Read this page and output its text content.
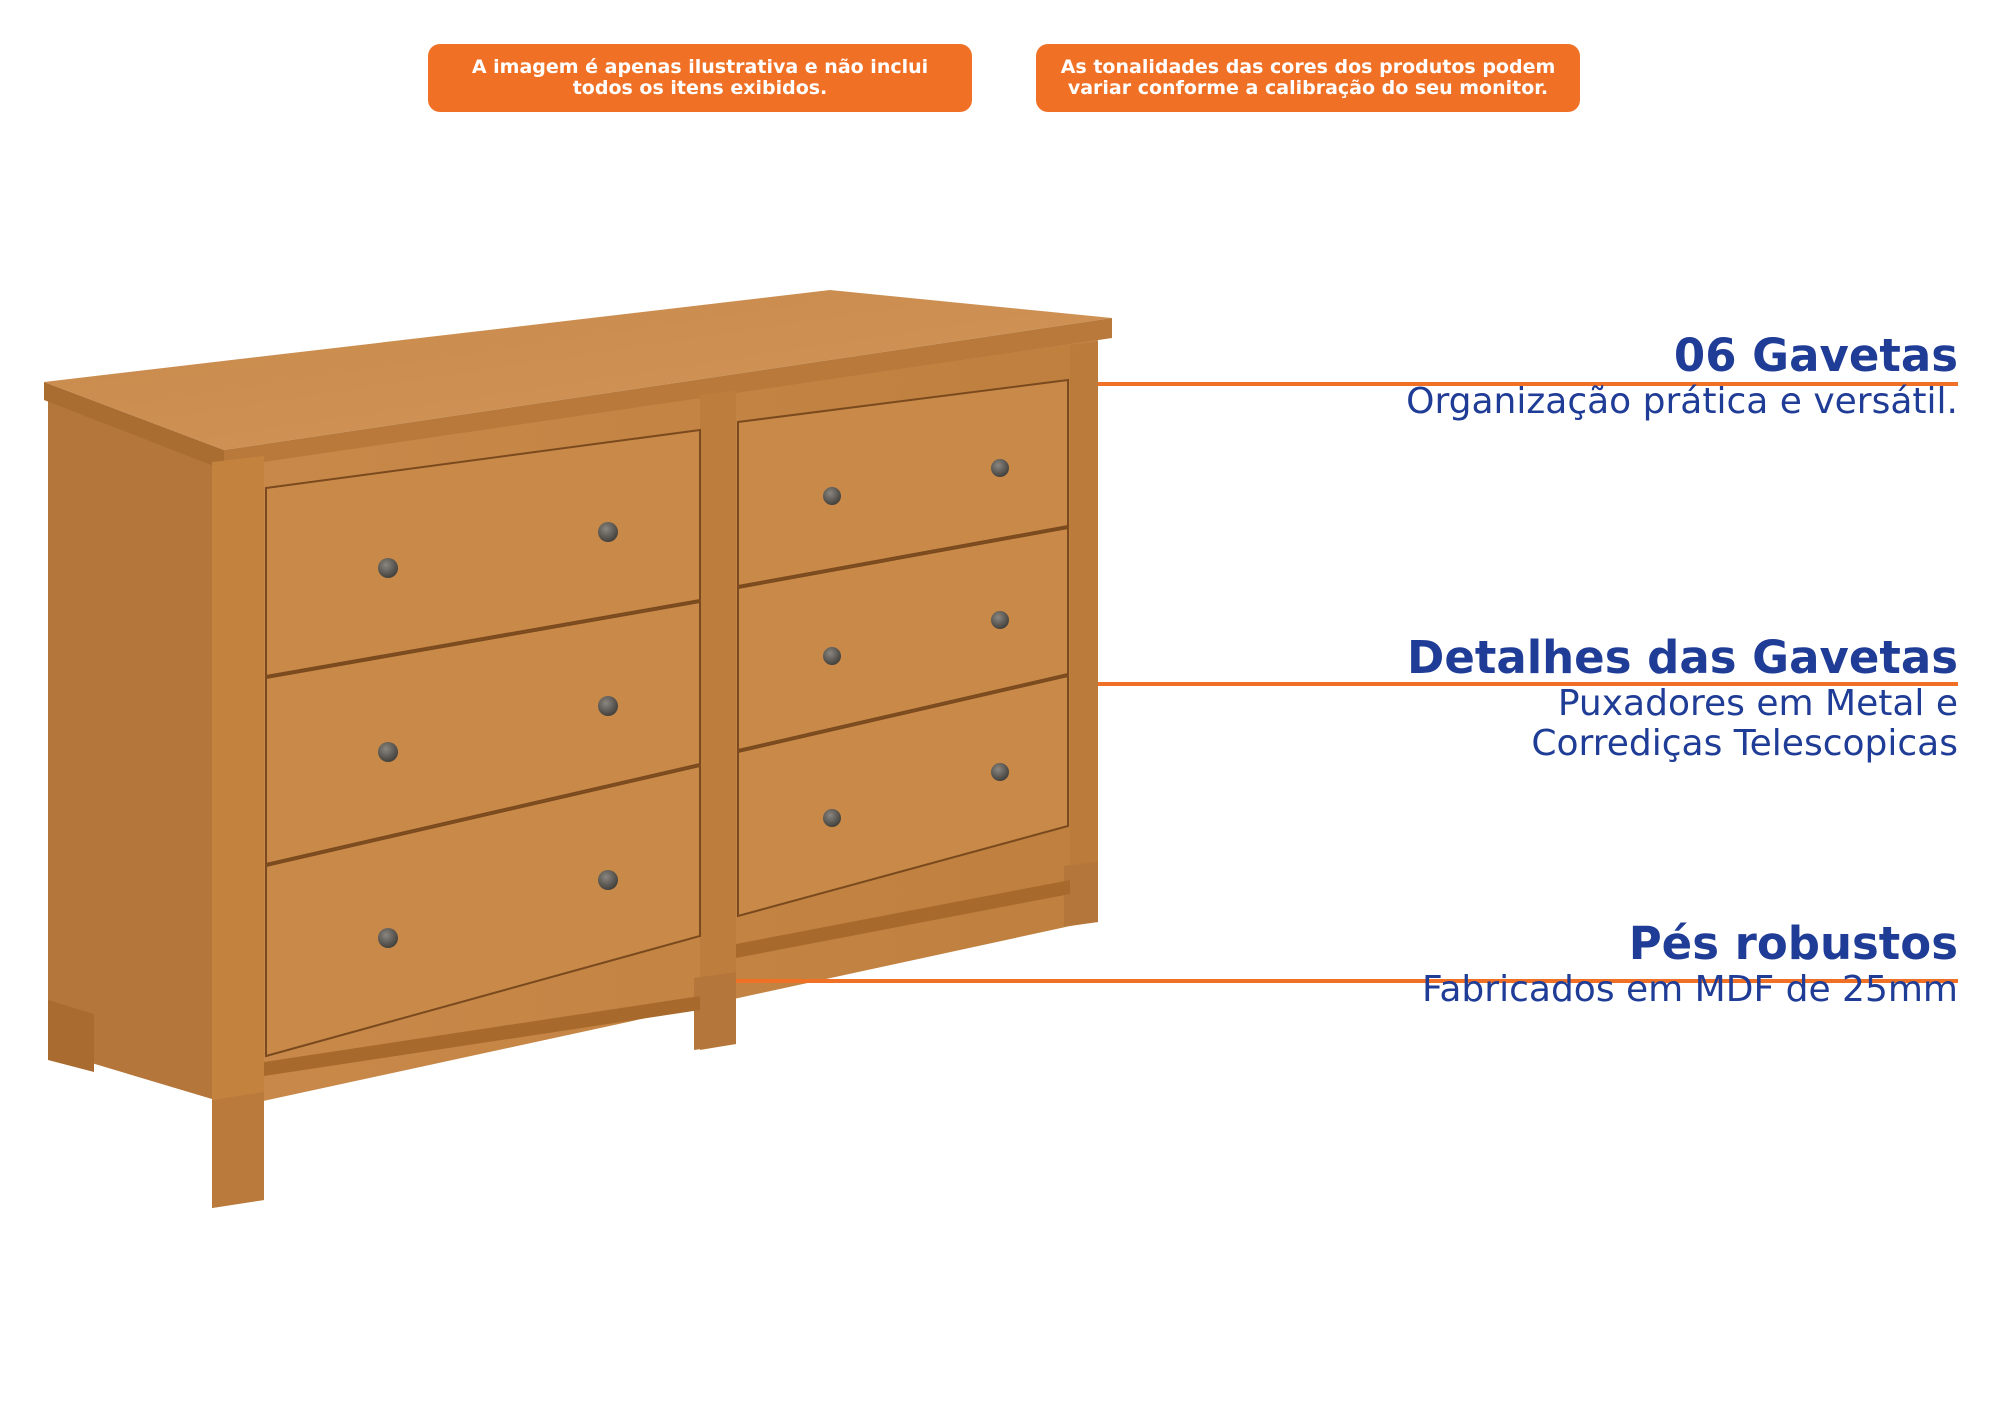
A imagem é apenas ilustrativa e não inclui
todos os itens exibidos.
As tonalidades das cores dos produtos podem
variar conforme a calibração do seu monitor.
06 Gavetas
Organização prática e versátil.
Detalhes das Gavetas
Puxadores em Metal e
Corrediças Telescopicas
Pés robustos
Fabricados em MDF de 25mm
